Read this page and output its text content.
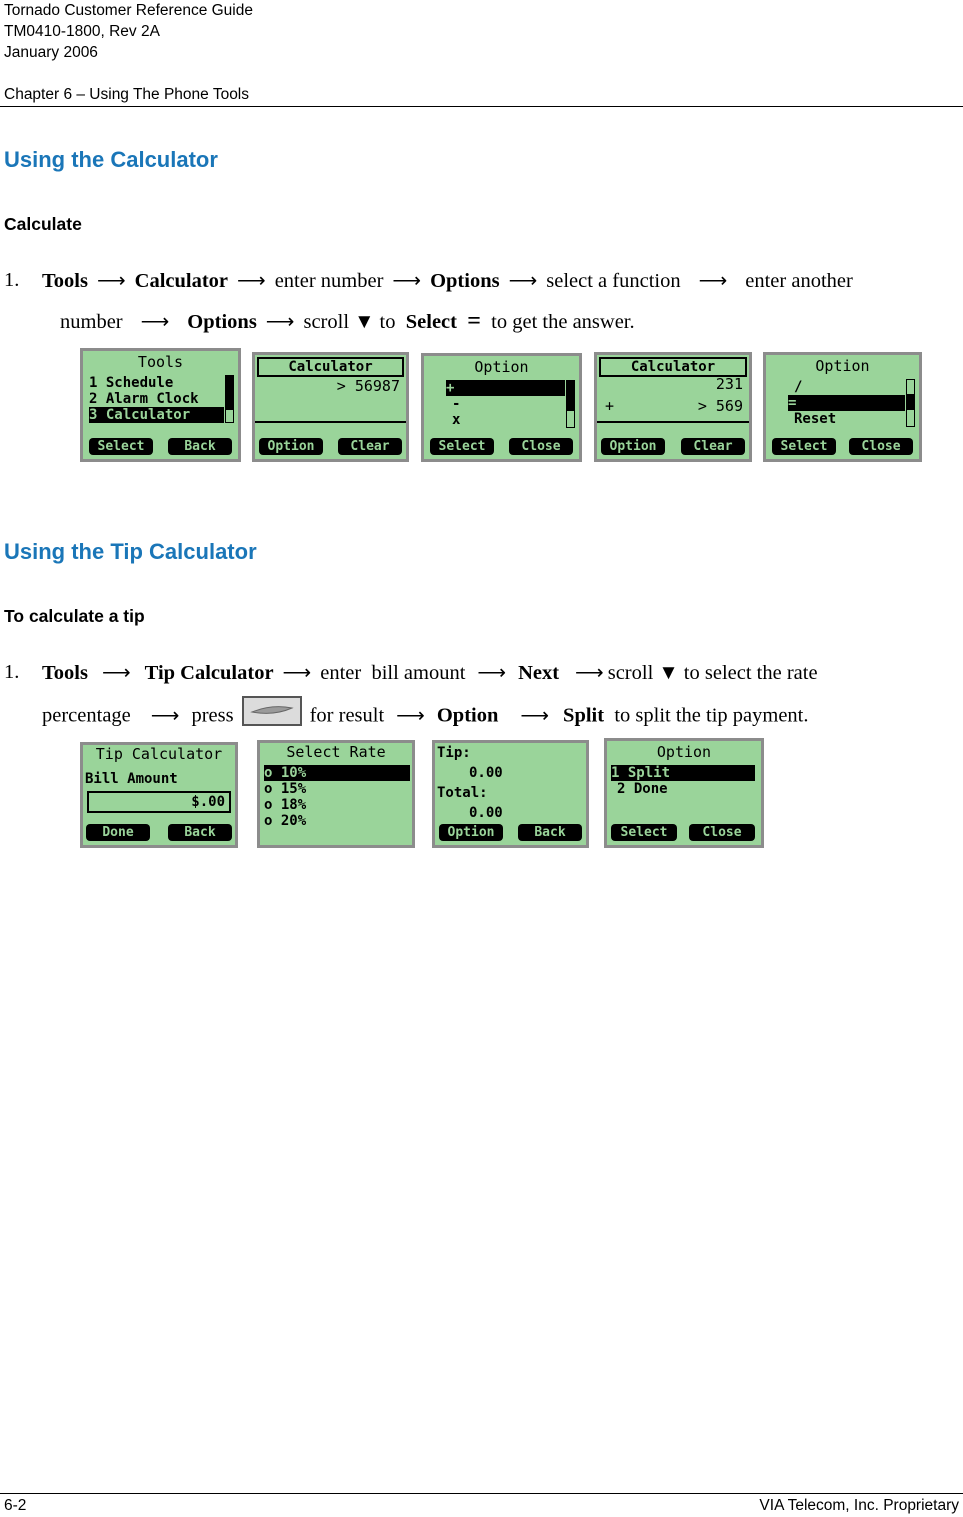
Tornado Customer Reference Guide
TM0410-1800, Rev 2A
January 2006
Chapter 6 – Using The Phone Tools
Using the Calculator
Calculate
1. Tools ⟶ Calculator ⟶ enter number ⟶ Options ⟶ select a function ⟶ enter another
number ⟶ Options ⟶ scroll ▼ to Select = to get the answer.
Tools
1 Schedule
2 Alarm Clock
3 Calculator
Select	Back
Calculator
> 56987
Option	Clear
Option
+
-
x
Select	Close
Calculator
231
+	> 569
Option	Clear
Option
/
=
Reset
Select	Close
Using the Tip Calculator
To calculate a tip
1. Tools ⟶ Tip Calculator ⟶ enter  bill amount ⟶ Next ⟶ scroll ▼ to select the rate
percentage ⟶ press	for result ⟶ Option ⟶ Split to split the tip payment.
Tip Calculator
Bill Amount
$.00
Done	Back
Select Rate
o 10%
o 15%
o 18%
o 20%
Tip:
0.00
Total:
0.00
Option	Back
Option
1 Split
2 Done
Select	Close
6-2	VIA Telecom, Inc. Proprietary
